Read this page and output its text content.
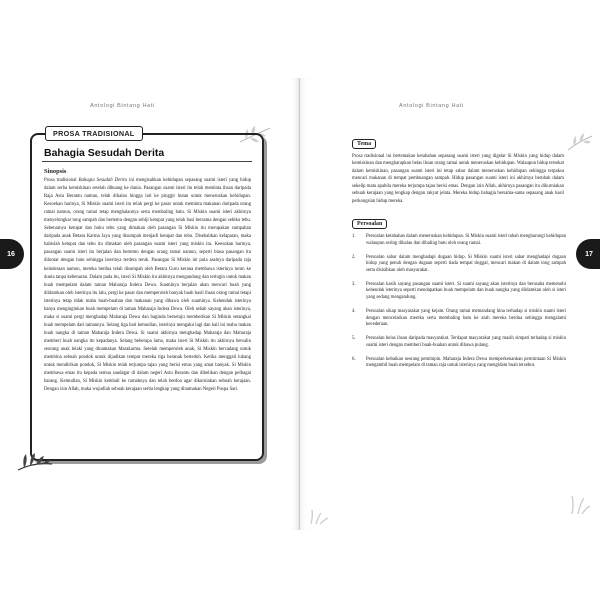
Antologi Bintang Hati
16
PROSA TRADISIONAL
Bahagia Sesudah Derita
Sinopsis

Prosa tradisional Bahagia Sesudah Derita ini mengisahkan kehidupan sepasang suami isteri yang hidup dalam serba kemiskinan setelah dibuang ke dunia. Pasangan suami isteri itu telah meminta ihsan daripada Raja Astu Berantu namun, telah dihalau hingga lari ke pinggir hutan untuk meneruskan kehidupan. Kesoekan harinya, Si Miskin suami isteri itu telah pergi ke pasar untuk meminta makanan daripada orang ramai namun, orang ramai tetap menghalaunya serta membaling batu. Si Miskin suami isteri akhirnya menyelongkar tong sampah dan bertemu dengan sebiji ketupat yang telah basi bersama dengan sebiku tebu. Sebenarnya ketupat dan buku tebu yang dimakan oleh pasangan Si Miskin itu merupakan sumpahan daripada anak Betara Karma Jaya yang disumpah menjadi ketupat dan tebu. Disebabkan kelaparan, maka habislah ketupat dan tebu itu dimakan oleh pasangan suami isteri yang miskin itu. Keesokan harinya, pasangan suami isteri itu berjalan dan bertemu dengan orang ramai namun, seperti biasa pasangan itu dilontar dengan batu sehingga isterinya terdera teruk. Pasangan Si Miskin ini pula asalnya daripada raja keinderaan namun, mereka berdua telah disumpah oleh Betara Guru kerana membawa isterinya turun ke dunia tanpa kebenaran. Dalam pada itu, isteri Si Miskin itu akhirnya mengandung dan teringin untuk makan buah mempelam dalam taman Maharaja Indera Dewa. Suaminya berjalan akan mencari buah yang diidamkan oleh isterinya itu lalu, pergi ke pasar dan memperoleh banyak buah hasil ihsan orang ramai tetapi isterinya tetap tidak mahu buah-buahan dan makanan yang dibawa oleh suaminya. Kehendak isterinya hanya menginginkan buah mempelam di taman Maharaja Indera Dewa. Oleh sebab sayang akan isterinya, maka si suami pergi menghadap Maharaja Dewa dan baginda bersetuju memberikan Si Miskin setangkai buah mempelam dari tamannya. Selang tiga hari kemudian, isterinya mengaku lagi dan kali ini mahu makan buah nangka di taman Maharaja Indera Dewa. Si suami akhirnya menghadap Maharaja dan Maharaja memberi buah nangka itu kepadanya. Selang beberapa lama, maka isteri Si Miskin itu akhirnya bersalin seorang anak lelaki yang dinamakan Marakarma. Setelah memperoleh anak, Si Miskin bercadang untuk membina sebuah pondok untuk dijadikan tempat mereka tiga beranak berteduh. Ketika menggali lubang untuk mendirikan pondok, Si Miskin telah terjumpa tajau yang berisi emas yang amat banyak. Si Miskin membawa emas itu kepada semua saudagar di dalam negeri Astu Berantu dan dibelikan dengan pelbagai barang. Kemudian, Si Miskin kembali ke rumahnya dan telah berdoa agar dikurniakan sebuah kerajaan. Dengan izin Allah, maka wujudlah sebuah kerajaan serba lengkap yang dinamakan Negeri Puspa Sari.

Antologi Bintang Hati
17
Tema

Prosa tradisional ini bertemakan ketabahan sepasang suami isteri yang digelar Si Miskin yang hidup dalam kemiskinan dan mengharapkan belas ihsan orang ramai untuk meneruskan kehidupan. Walaupun hidup tersekat dalam kemiskinan, pasangan suami isteri ini tetap sabar dalam meneruskan kehidupan sehingga terpaksa mencari makanan di tempat pembuangan sampah. Hidup pasangan suami isteri ini akhirnya berubah dalam sekelip mata apabila mereka terjumpa tajau berisi emas. Dengan izin Allah, akhirnya pasangan itu dikurniakan sebuah kerajaan yang lengkap dengan rakyat jelata. Mereka hidup bahagia bersama-sama sepasang anak hasil perkongsian hidup mereka.

Persoalan
1. Persoalan ketabahan dalam meneruskan kehidupan. Si Miskin suami isteri tabah mengharungi kehidupan walaupun sering dihalau dan dibaling batu oleh orang ramai.
2. Persoalan sabar dalam menghadapi dugaan hidup. Si Miskin suami isteri sabar menghadapi dugaan hidup yang penuh dengan dugaan seperti tiada tempat tinggal, mencari makan di dalam tong sampah serta disisihkan oleh masyarakat.
3. Persoalan kasih sayang pasangan suami isteri. Si suami sayang akan isterinya dan berusaha memenuhi kehendak isterinya seperti mendapatkan buah mempelam dan buah nangka yang diidamkan oleh si isteri yang sedang mengandung.
4. Persoalan sikap masyarakat yang kejam. Orang ramai memandang hina terhadap si miskin suami isteri dengan mencelaskan mereka serta membaling batu ke arah mereka berdua sehingga mengalami kecederaan.
5. Persoalan belas ihsan daripada masyarakat. Terdapat masyarakat yang masih simpati terhadap si miskin suami isteri dengan memberi buah-buahan untuk dibawa pulang.
6. Persoalan kebaikan seorang pemimpin. Maharaja Indera Dewa memperkenankan permintaan Si Miskin mengambil buah mempelam di taman raja untuk isterinya yang mengidam buah tersebut.
